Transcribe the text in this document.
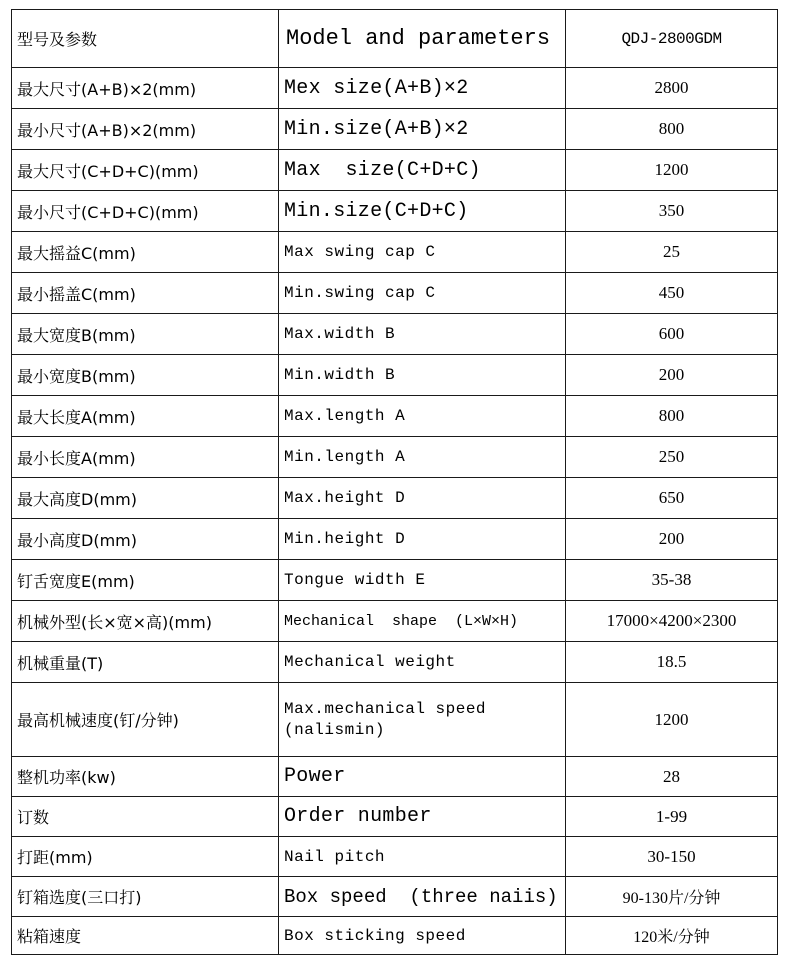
型号及参数	Model and parameters	QDJ-2800GDM
最大尺寸(A+B)×2(mm)	Mex size(A+B)×2	2800
最小尺寸(A+B)×2(mm)	Min.size(A+B)×2	800
最大尺寸(C+D+C)(mm)	Max  size(C+D+C)	1200
最小尺寸(C+D+C)(mm)	Min.size(C+D+C)	350
最大摇益C(mm)	Max swing cap C	25
最小摇盖C(mm)	Min.swing cap C	450
最大宽度B(mm)	Max.width B	600
最小宽度B(mm)	Min.width B	200
最大长度A(mm)	Max.length A	800
最小长度A(mm)	Min.length A	250
最大高度D(mm)	Max.height D	650
最小高度D(mm)	Min.height D	200
钉舌宽度E(mm)	Tongue width E	35-38
机械外型(长×宽×高)(mm)	Mechanical  shape  (L×W×H)	17000×4200×2300
机械重量(T)	Mechanical weight	18.5
最高机械速度(钉/分钟)	Max.mechanical speed (nalismin)	1200
整机功率(kw)	Power	28
订数	Order number	1-99
打距(mm)	Nail pitch	30-150
钉箱选度(三口打)	Box speed  (three naiis)	90-130片/分钟
粘箱速度	Box sticking speed	120米/分钟
